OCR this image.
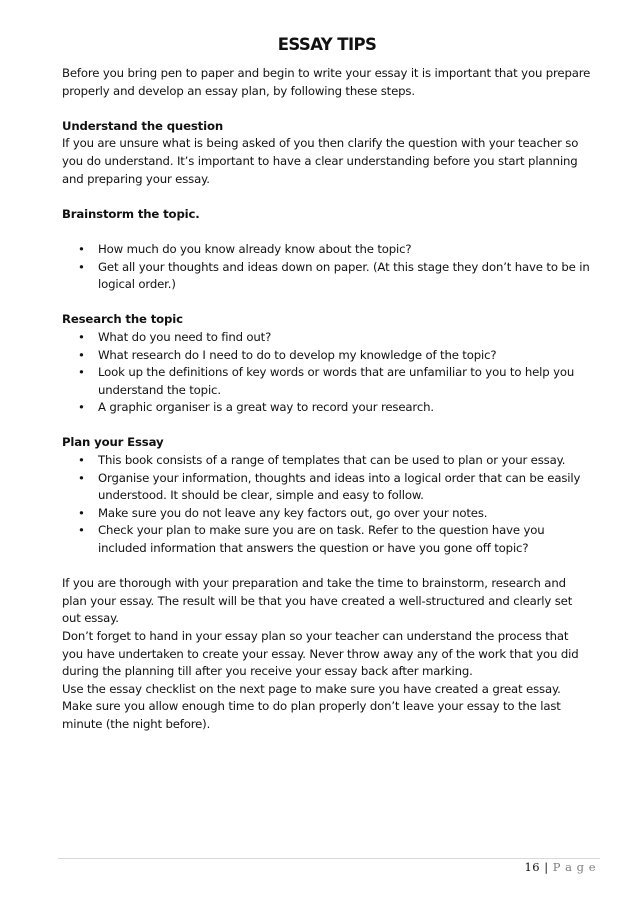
ESSAY TIPS

Before you bring pen to paper and begin to write your essay it is important that you prepare properly and develop an essay plan, by following these steps.

Understand the question

If you are unsure what is being asked of you then clarify the question with your teacher so you do understand. It’s important to have a clear understanding before you start planning and preparing your essay.

Brainstorm the topic.

• How much do you know already know about the topic?
• Get all your thoughts and ideas down on paper. (At this stage they don’t have to be in logical order.)

Research the topic

• What do you need to find out?
• What research do I need to do to develop my knowledge of the topic?
• Look up the definitions of key words or words that are unfamiliar to you to help you understand the topic.
• A graphic organiser is a great way to record your research.

Plan your Essay

• This book consists of a range of templates that can be used to plan or your essay.
• Organise your information, thoughts and ideas into a logical order that can be easily understood. It should be clear, simple and easy to follow.
• Make sure you do not leave any key factors out, go over your notes.
• Check your plan to make sure you are on task. Refer to the question have you included information that answers the question or have you gone off topic?

If you are thorough with your preparation and take the time to brainstorm, research and plan your essay. The result will be that you have created a well-structured and clearly set out essay.

Don’t forget to hand in your essay plan so your teacher can understand the process that you have undertaken to create your essay. Never throw away any of the work that you did during the planning till after you receive your essay back after marking.

Use the essay checklist on the next page to make sure you have created a great essay.

Make sure you allow enough time to do plan properly don’t leave your essay to the last minute (the night before).

16 | P a g e
